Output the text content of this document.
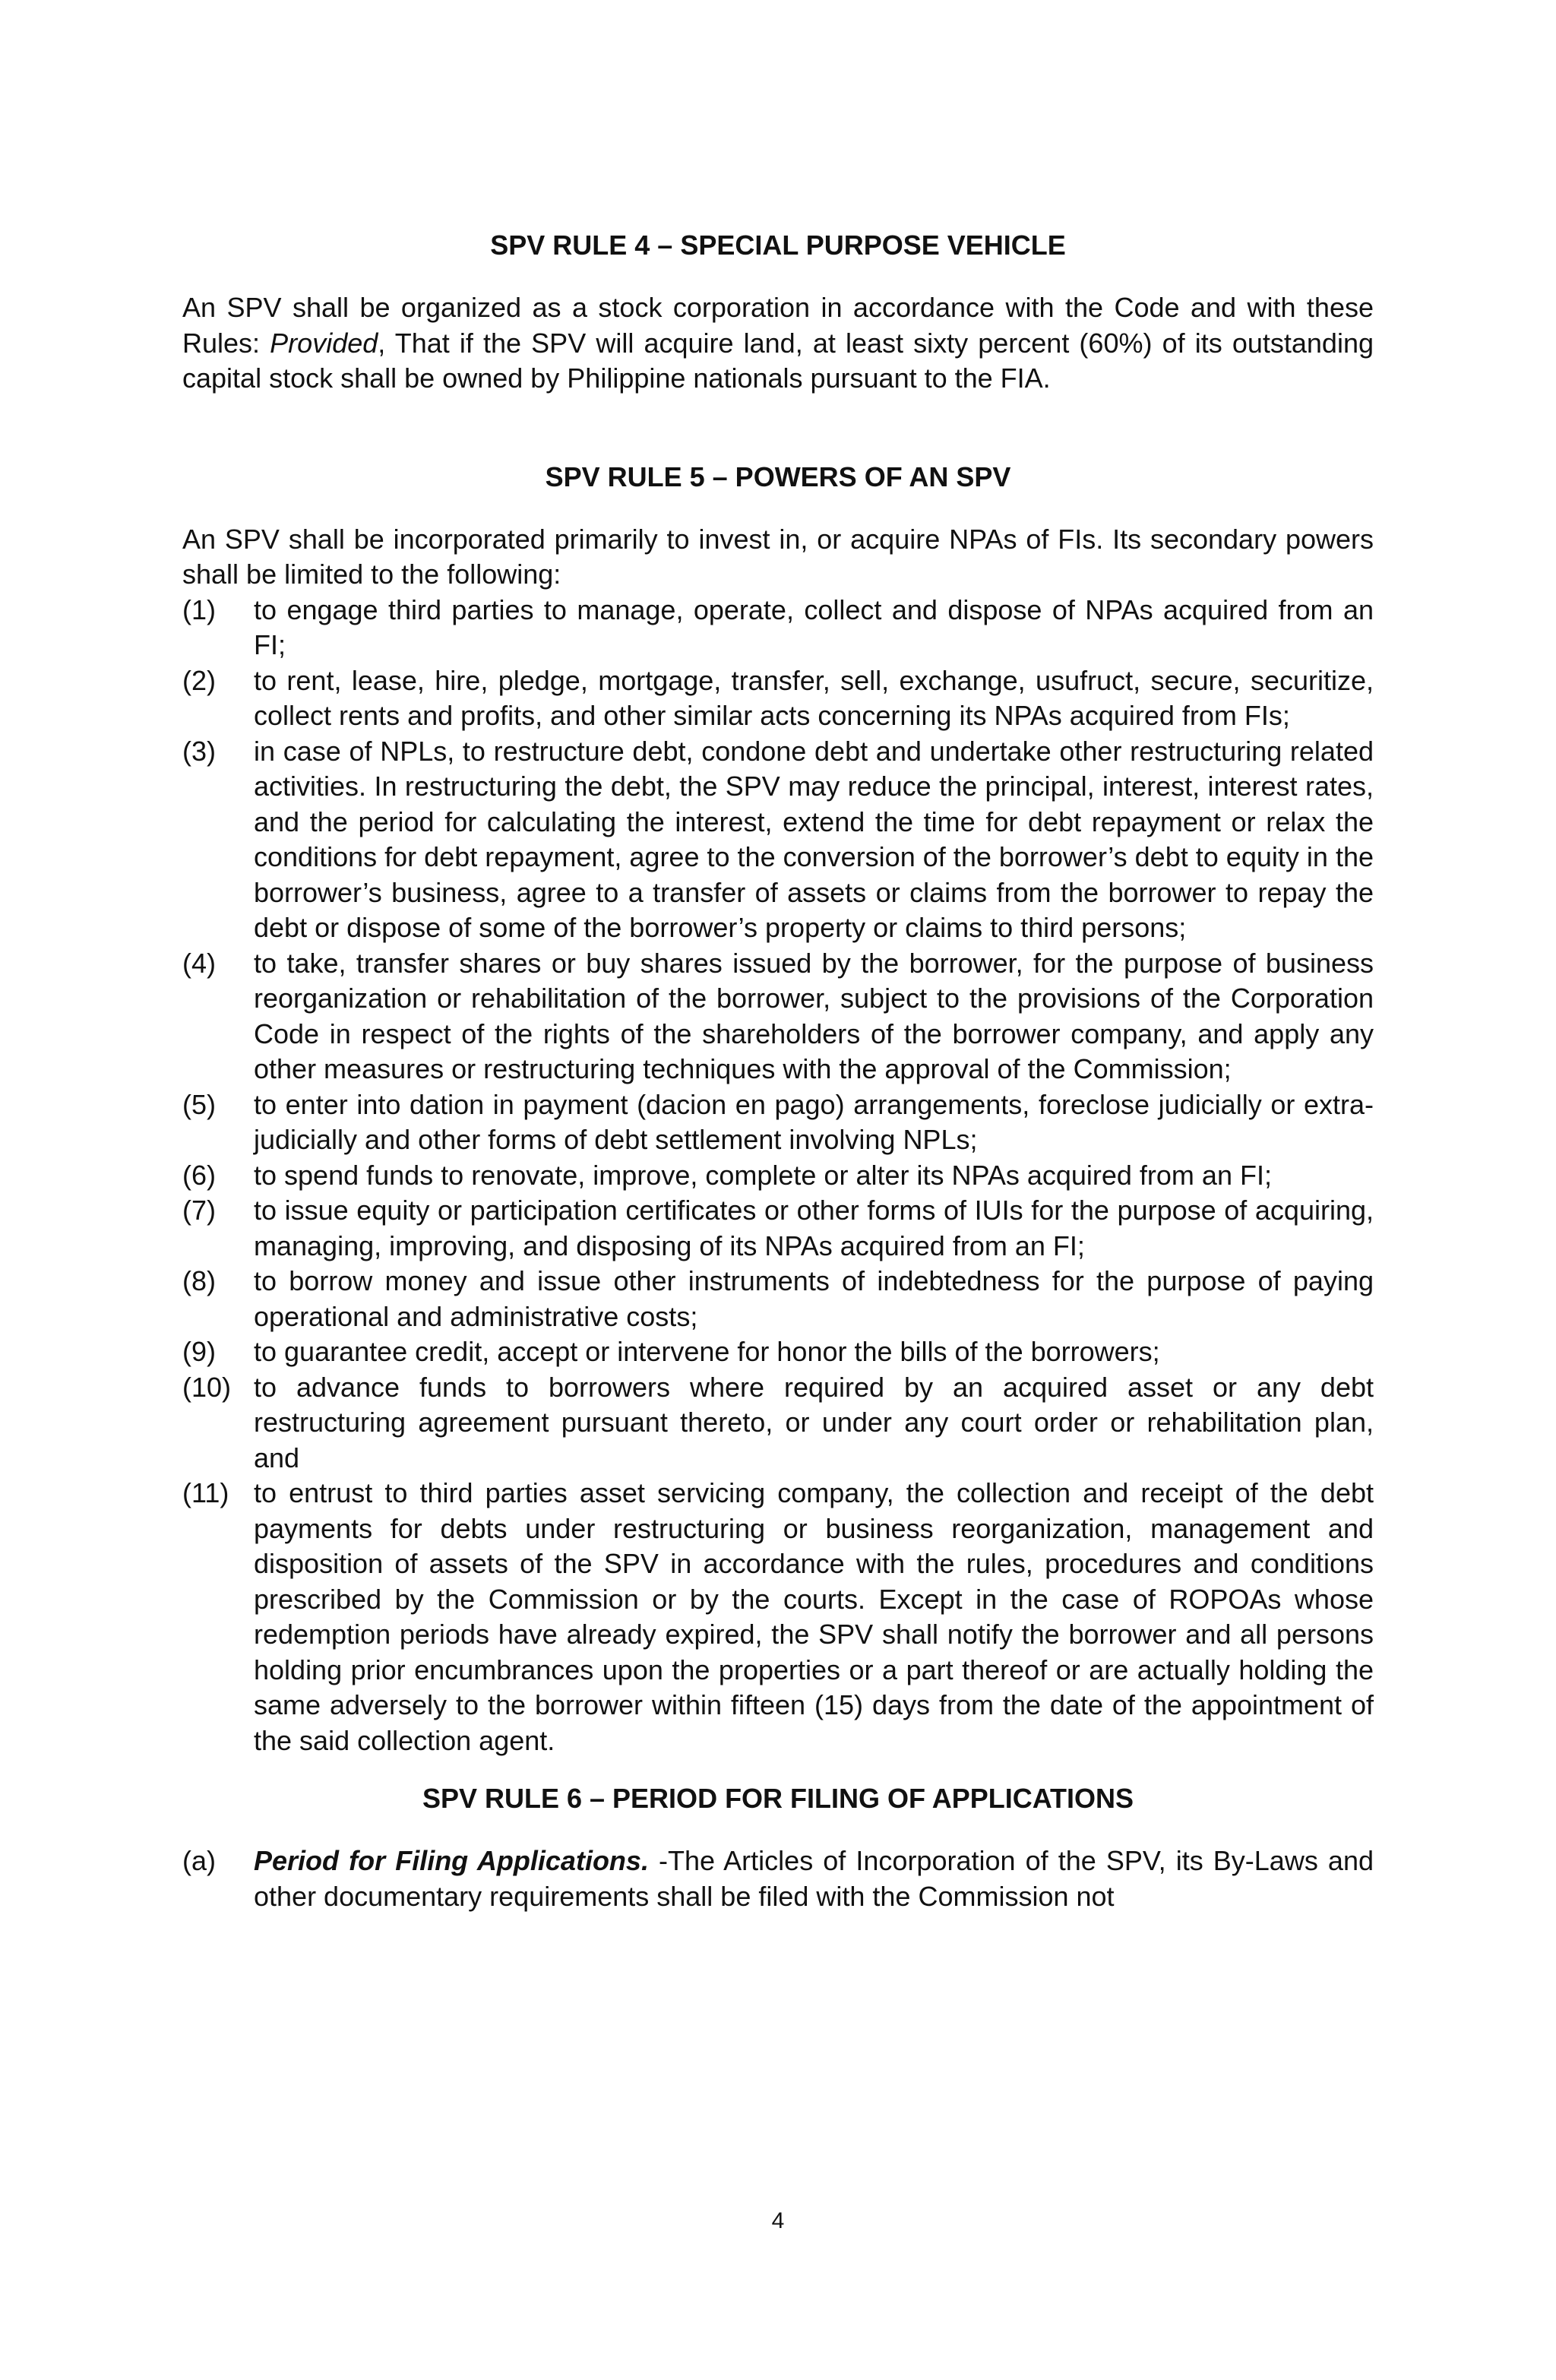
SPV RULE 4 – SPECIAL PURPOSE VEHICLE

An SPV shall be organized as a stock corporation in accordance with the Code and with these Rules: Provided, That if the SPV will acquire land, at least sixty percent (60%) of its outstanding capital stock shall be owned by Philippine nationals pursuant to the FIA.

SPV RULE 5 – POWERS OF AN SPV

An SPV shall be incorporated primarily to invest in, or acquire NPAs of FIs. Its secondary powers shall be limited to the following:

(1)	to engage third parties to manage, operate, collect and dispose of NPAs acquired from an FI;
(2)	to rent, lease, hire, pledge, mortgage, transfer, sell, exchange, usufruct, secure, securitize, collect rents and profits, and other similar acts concerning its NPAs acquired from FIs;
(3)	in case of NPLs, to restructure debt, condone debt and undertake other restructuring related activities. In restructuring the debt, the SPV may reduce the principal, interest, interest rates, and the period for calculating the interest, extend the time for debt repayment or relax the conditions for debt repayment, agree to the conversion of the borrower’s debt to equity in the borrower’s business, agree to a transfer of assets or claims from the borrower to repay the debt or dispose of some of the borrower’s property or claims to third persons;
(4)	to take, transfer shares or buy shares issued by the borrower, for the purpose of business reorganization or rehabilitation of the borrower, subject to the provisions of the Corporation Code in respect of the rights of the shareholders of the borrower company, and apply any other measures or restructuring techniques with the approval of the Commission;
(5)	to enter into dation in payment (dacion en pago) arrangements, foreclose judicially or extra-judicially and other forms of debt settlement involving NPLs;
(6)	to spend funds to renovate, improve, complete or alter its NPAs acquired from an FI;
(7)	to issue equity or participation certificates or other forms of IUIs for the purpose of acquiring, managing, improving, and disposing of its NPAs acquired from an FI;
(8)	to borrow money and issue other instruments of indebtedness for the purpose of paying operational and administrative costs;
(9)	to guarantee credit, accept or intervene for honor the bills of the borrowers;
(10) to advance funds to borrowers where required by an acquired asset or any debt restructuring agreement pursuant thereto, or under any court order or rehabilitation plan, and
(11) to entrust to third parties asset servicing company, the collection and receipt of the debt payments for debts under restructuring or business reorganization, management and disposition of assets of the SPV in accordance with the rules, procedures and conditions prescribed by the Commission or by the courts. Except in the case of ROPOAs whose redemption periods have already expired, the SPV shall notify the borrower and all persons holding prior encumbrances upon the properties or a part thereof or are actually holding the same adversely to the borrower within fifteen (15) days from the date of the appointment of the said collection agent.
SPV RULE 6 – PERIOD FOR FILING OF APPLICATIONS
(a)	Period for Filing Applications. -The Articles of Incorporation of the SPV, its By-Laws and other documentary requirements shall be filed with the Commission not
4
